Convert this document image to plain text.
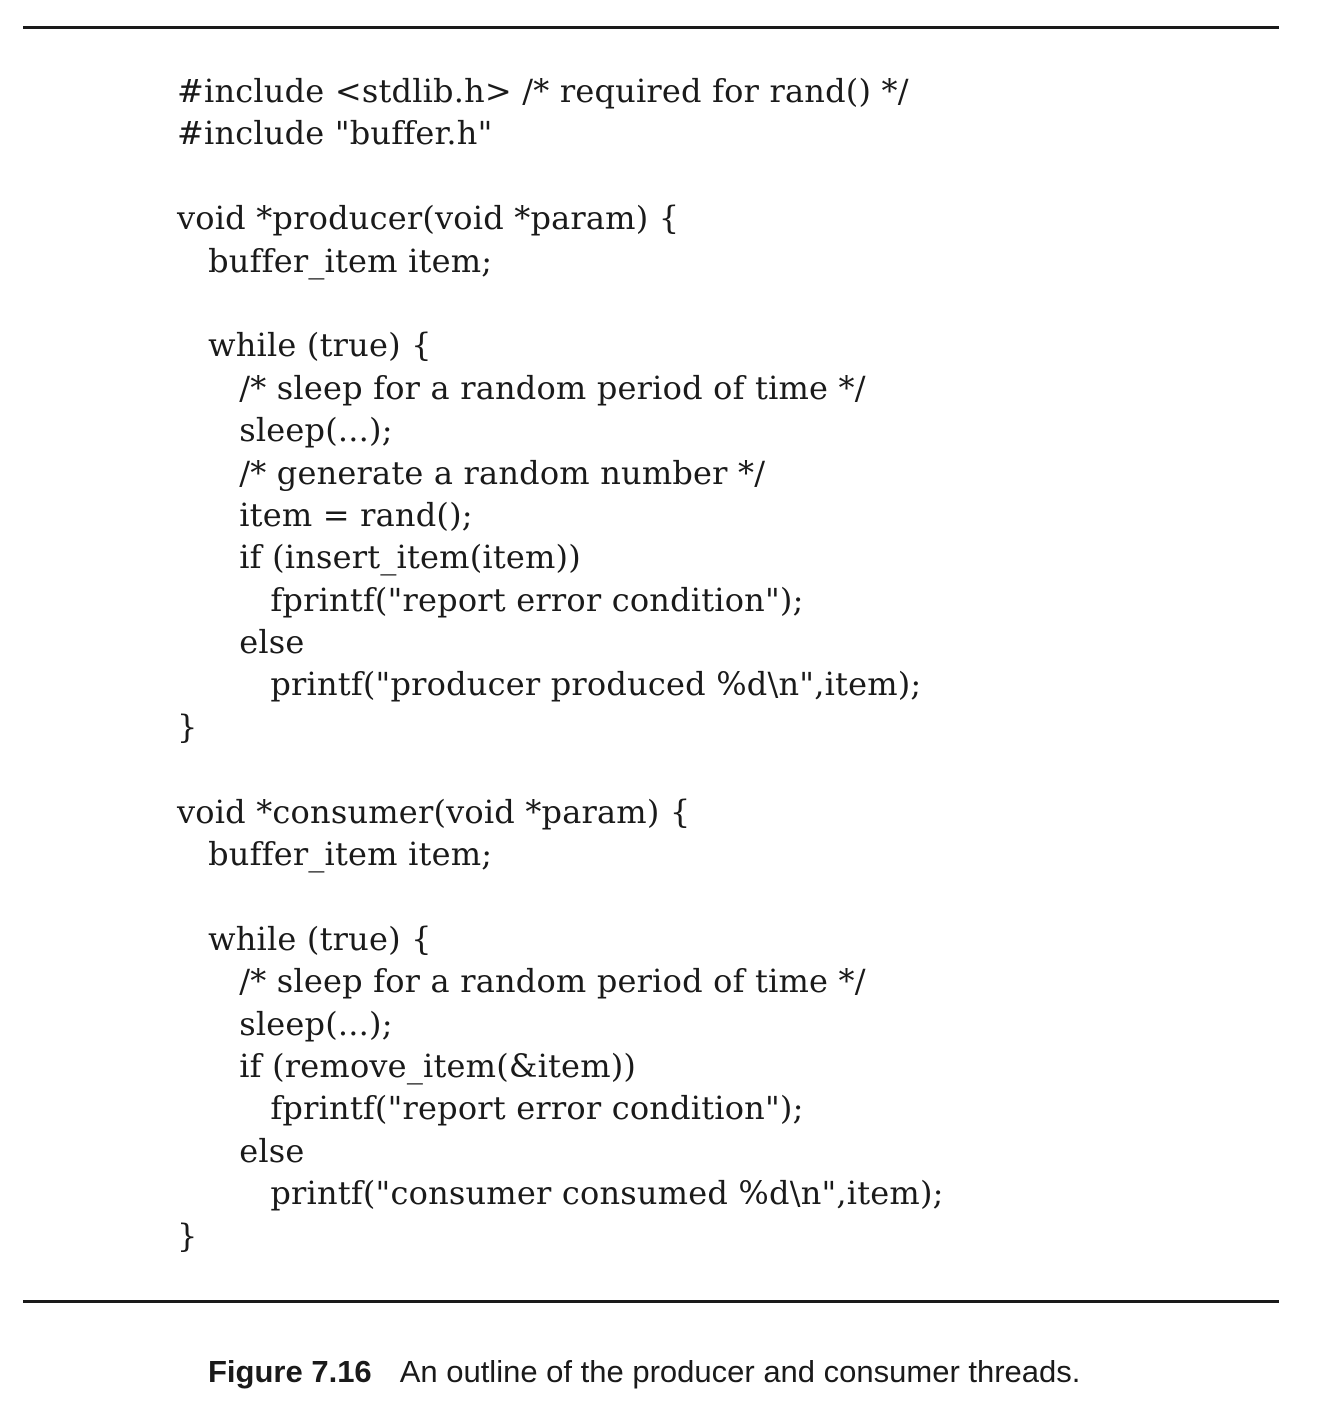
#include <stdlib.h> /* required for rand() */
#include "buffer.h"
void *producer(void *param) {
buffer_item item;
while (true) {
/* sleep for a random period of time */
sleep(...);
/* generate a random number */
item = rand();
if (insert_item(item))
fprintf("report error condition");
else
printf("producer produced %d\n",item);
}
void *consumer(void *param) {
buffer_item item;
while (true) {
/* sleep for a random period of time */
sleep(...);
if (remove_item(&item))
fprintf("report error condition");
else
printf("consumer consumed %d\n",item);
}
Figure 7.16 An outline of the producer and consumer threads.
